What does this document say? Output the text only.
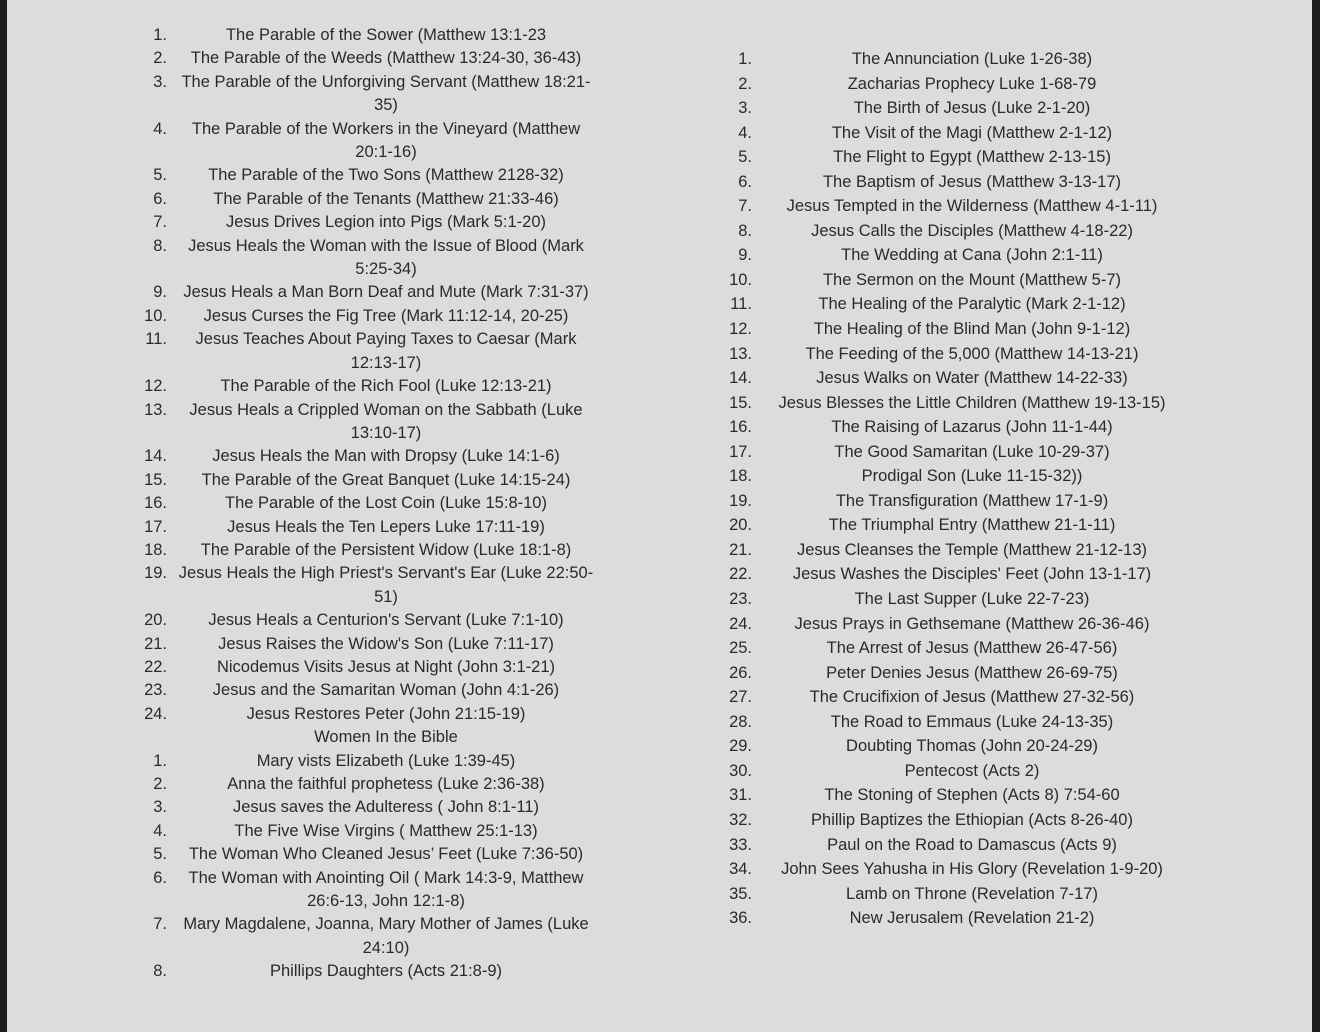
1.	The Parable of the Sower (Matthew 13:1-23
2. The Parable of the Weeds (Matthew 13:24-30, 36-43)
3. The Parable of the Unforgiving Servant (Matthew 18:21-35)
4. The Parable of the Workers in the Vineyard (Matthew 20:1-16)
5. The Parable of the Two Sons (Matthew 2128-32)
6.	The Parable of the Tenants (Matthew 21:33-46)
7.	Jesus Drives Legion into Pigs (Mark 5:1-20)
8. Jesus Heals the Woman with the Issue of Blood (Mark 5:25-34)
9. Jesus Heals a Man Born Deaf and Mute (Mark 7:31-37)
10. Jesus Curses the Fig Tree (Mark 11:12-14, 20-25)
11. Jesus Teaches About Paying Taxes to Caesar (Mark 12:13-17)
12.	The Parable of the Rich Fool (Luke 12:13-21)
13. Jesus Heals a Crippled Woman on the Sabbath (Luke 13:10-17)
14.	Jesus Heals the Man with Dropsy (Luke 14:1-6)
15. The Parable of the Great Banquet (Luke 14:15-24)
16.	The Parable of the Lost Coin (Luke 15:8-10)
17.	Jesus Heals the Ten Lepers Luke 17:11-19)
18. The Parable of the Persistent Widow (Luke 18:1-8)
19. Jesus Heals the High Priest's Servant's Ear (Luke 22:50-51)
20.	Jesus Heals a Centurion's Servant (Luke 7:1-10)
21.	Jesus Raises the Widow's Son (Luke 7:11-17)
22.	Nicodemus Visits Jesus at Night (John 3:1-21)
23.	Jesus and the Samaritan Woman (John 4:1-26)
24.	Jesus Restores Peter (John 21:15-19)
Women In the Bible
1.	Mary vists Elizabeth (Luke 1:39-45)
2.	Anna the faithful prophetess (Luke 2:36-38)
3.	Jesus saves the Adulteress ( John 8:1-11)
4.	The Five Wise Virgins ( Matthew 25:1-13)
5. The Woman Who Cleaned Jesus’ Feet (Luke 7:36-50)
6. The Woman with Anointing Oil ( Mark 14:3-9, Matthew 26:6-13, John 12:1-8)
7. Mary Magdalene, Joanna, Mary Mother of James (Luke 24:10)
8.	Phillips Daughters (Acts 21:8-9)
1.	The Annunciation (Luke 1-26-38)
2.	Zacharias Prophecy Luke 1-68-79
3.	The Birth of Jesus (Luke 2-1-20)
4.	The Visit of the Magi (Matthew 2-1-12)
5.	The Flight to Egypt (Matthew 2-13-15)
6.	The Baptism of Jesus (Matthew 3-13-17)
7. Jesus Tempted in the Wilderness (Matthew 4-1-11)
8.	Jesus Calls the Disciples (Matthew 4-18-22)
9.	The Wedding at Cana (John 2:1-11)
10.	The Sermon on the Mount (Matthew 5-7)
11.	The Healing of the Paralytic (Mark 2-1-12)
12.	The Healing of the Blind Man (John 9-1-12)
13.	The Feeding of the 5,000 (Matthew 14-13-21)
14.	Jesus Walks on Water (Matthew 14-22-33)
15. Jesus Blesses the Little Children (Matthew 19-13-15)
16.	The Raising of Lazarus (John 11-1-44)
17.	The Good Samaritan (Luke 10-29-37)
18.	Prodigal Son (Luke 11-15-32))
19.	The Transfiguration (Matthew 17-1-9)
20.	The Triumphal Entry (Matthew 21-1-11)
21.	Jesus Cleanses the Temple (Matthew 21-12-13)
22. Jesus Washes the Disciples' Feet (John 13-1-17)
23.	The Last Supper (Luke 22-7-23)
24.	Jesus Prays in Gethsemane (Matthew 26-36-46)
25.	The Arrest of Jesus (Matthew 26-47-56)
26.	Peter Denies Jesus (Matthew 26-69-75)
27.	The Crucifixion of Jesus (Matthew 27-32-56)
28.	The Road to Emmaus (Luke 24-13-35)
29.	Doubting Thomas (John 20-24-29)
30.	Pentecost (Acts 2)
31.	The Stoning of Stephen (Acts 8) 7:54-60
32.	Phillip Baptizes the Ethiopian (Acts 8-26-40)
33.	Paul on the Road to Damascus (Acts 9)
34. John Sees Yahusha in His Glory (Revelation 1-9-20)
35.	Lamb on Throne (Revelation 7-17)
36.	New Jerusalem (Revelation 21-2)
